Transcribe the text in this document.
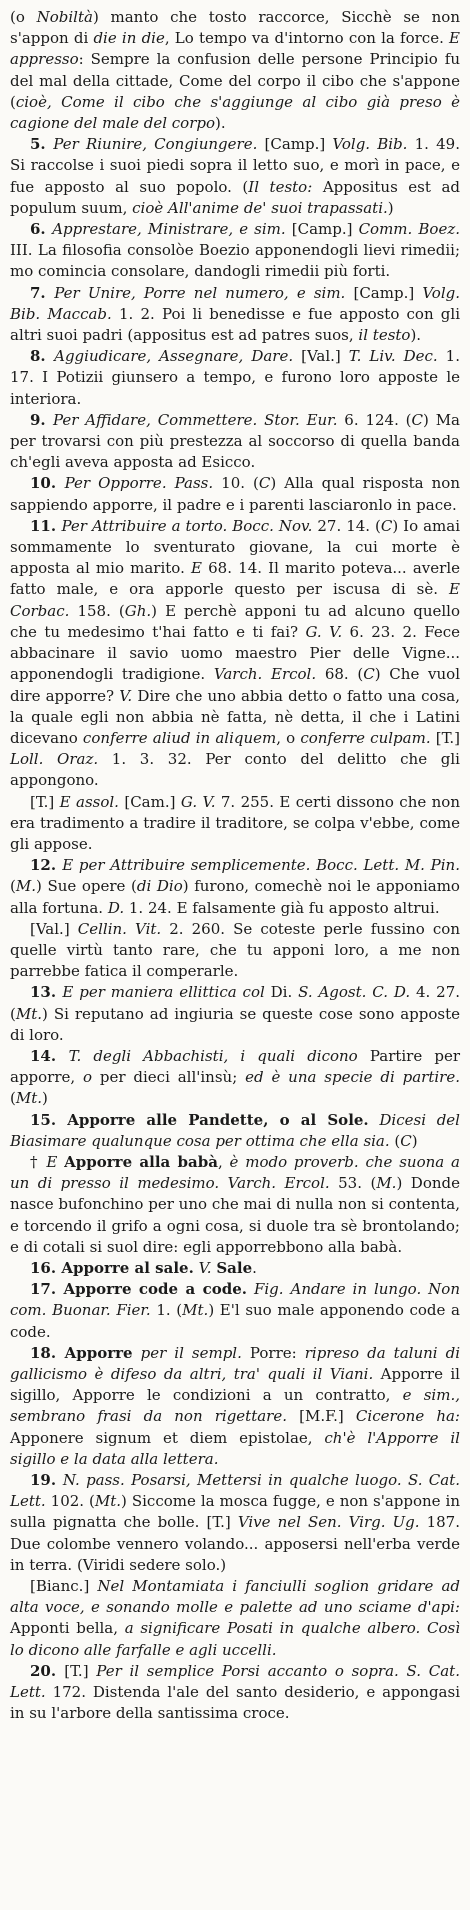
(o Nobiltà) manto che tosto raccorce, Sicchè se non s'appon di die in die, Lo tempo va d'intorno con la force. E appresso: Sempre la confusion delle persone Principio fu del mal della cittade, Come del corpo il cibo che s'appone (cioè, Come il cibo che s'aggiunge al cibo già preso è cagione del male del corpo).

5. Per Riunire, Congiungere. [Camp.] Volg. Bib. 1. 49. Si raccolse i suoi piedi sopra il letto suo, e morì in pace, e fue apposto al suo popolo. (Il testo: Appositus est ad populum suum, cioè All'anime de' suoi trapassati.)

6. Apprestare, Ministrare, e sim. [Camp.] Comm. Boez. III. La filosofia consolòe Boezio apponendogli lievi rimedii; mo comincia consolare, dandogli rimedii più forti.

7. Per Unire, Porre nel numero, e sim. [Camp.] Volg. Bib. Maccab. 1. 2. Poi li benedisse e fue apposto con gli altri suoi padri (appositus est ad patres suos, il testo).

8. Aggiudicare, Assegnare, Dare. [Val.] T. Liv. Dec. 1. 17. I Potizii giunsero a tempo, e furono loro apposte le interiora.

9. Per Affidare, Commettere. Stor. Eur. 6. 124. (C) Ma per trovarsi con più prestezza al soccorso di quella banda ch'egli aveva apposta ad Esicco.

10. Per Opporre. Pass. 10. (C) Alla qual risposta non sappiendo apporre, il padre e i parenti lasciaronlo in pace.

11. Per Attribuire a torto. Bocc. Nov. 27. 14. (C) Io amai sommamente lo sventurato giovane, la cui morte è apposta al mio marito. E 68. 14. Il marito poteva... averle fatto male, e ora apporle questo per iscusa di sè. E Corbac. 158. (Gh.) E perchè apponi tu ad alcuno quello che tu medesimo t'hai fatto e ti fai? G. V. 6. 23. 2. Fece abbacinare il savio uomo maestro Pier delle Vigne... apponendogli tradigione. Varch. Ercol. 68. (C) Che vuol dire apporre? V. Dire che uno abbia detto o fatto una cosa, la quale egli non abbia nè fatta, nè detta, il che i Latini dicevano conferre aliud in aliquem, o conferre culpam. [T.] Loll. Oraz. 1. 3. 32. Per conto del delitto che gli appongono.

[T.] E assol. [Cam.] G. V. 7. 255. E certi dissono che non era tradimento a tradire il traditore, se colpa v'ebbe, come gli appose.

12. E per Attribuire semplicemente. Bocc. Lett. M. Pin. (M.) Sue opere (di Dio) furono, comechè noi le apponiamo alla fortuna. D. 1. 24. E falsamente già fu apposto altrui.

[Val.] Cellin. Vit. 2. 260. Se coteste perle fussino con quelle virtù tanto rare, che tu apponi loro, a me non parrebbe fatica il comperarle.

13. E per maniera ellittica col Di. S. Agost. C. D. 4. 27. (Mt.) Si reputano ad ingiuria se queste cose sono apposte di loro.

14. T. degli Abbachisti, i quali dicono Partire per apporre, o per dieci all'insù; ed è una specie di partire. (Mt.)

15. Apporre alle Pandette, o al Sole. Dicesi del Biasimare qualunque cosa per ottima che ella sia. (C)

† E Apporre alla babà, è modo proverb. che suona a un di presso il medesimo. Varch. Ercol. 53. (M.) Donde nasce bufonchino per uno che mai di nulla non si contenta, e torcendo il grifo a ogni cosa, si duole tra sè brontolando; e di cotali si suol dire: egli apporrebbono alla babà.

16. Apporre al sale. V. Sale.

17. Apporre code a code. Fig. Andare in lungo. Non com. Buonar. Fier. 1. (Mt.) E'l suo male apponendo code a code.

18. Apporre per il sempl. Porre: ripreso da taluni di gallicismo è difeso da altri, tra' quali il Viani. Apporre il sigillo, Apporre le condizioni a un contratto, e sim., sembrano frasi da non rigettare. [M.F.] Cicerone ha: Apponere signum et diem epistolae, ch'è l'Apporre il sigillo e la data alla lettera.

19. N. pass. Posarsi, Mettersi in qualche luogo. S. Cat. Lett. 102. (Mt.) Siccome la mosca fugge, e non s'appone in sulla pignatta che bolle. [T.] Vive nel Sen. Virg. Ug. 187. Due colombe vennero volando... apposersi nell'erba verde in terra. (Viridi sedere solo.)

[Bianc.] Nel Montamiata i fanciulli soglion gridare ad alta voce, e sonando molle e palette ad uno sciame d'api: Apponti bella, a significare Posati in qualche albero. Così lo dicono alle farfalle e agli uccelli.

20. [T.] Per il semplice Porsi accanto o sopra. S. Cat. Lett. 172. Distenda l'ale del santo desiderio, e appongasi in su l'arbore della santissima croce.
